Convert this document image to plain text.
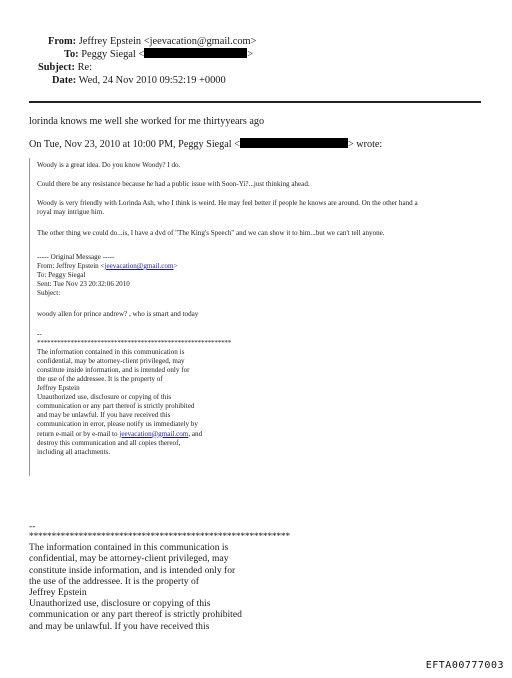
From: Jeffrey Epstein <jeevacation@gmail.com>
To: Peggy Siegal <	>
Subject: Re:
Date: Wed, 24 Nov 2010 09:52:19 +0000
lorinda knows me well she worked for me thirtyyears ago
On Tue, Nov 23, 2010 at 10:00 PM, Peggy Siegal <	> wrote:
Woody is a great idea. Do you know Woody? I do.
Could there be any resistance because he had a public issue with Soon-Yi?...just thinking ahead.
Woody is very friendly with Lorinda Ash, who I think is weird. He may feel better if people he knows are around. On the other hand a
royal may intrigue him.
The other thing we could do...is, I have a dvd of "The King's Speech" and we can show it to him...but we can't tell anyone.
----- Original Message -----
From: Jeffrey Epstein <jeevacation@gmail.com>
To: Peggy Siegal
Sent: Tue Nov 23 20:32:06 2010
Subject:
woody allen for prince andrew? , who is smart and today
--
**********************************************************
The information contained in this communication is
confidential, may be attorney-client privileged, may
constitute inside information, and is intended only for
the use of the addressee. It is the property of
Jeffrey Epstein
Unauthorized use, disclosure or copying of this
communication or any part thereof is strictly prohibited
and may be unlawful. If you have received this
communication in error, please notify us immediately by
return e-mail or by e-mail to jeevacation@gmail.com, and
destroy this communication and all copies thereof,
including all attachments.
--
**********************************************************
The information contained in this communication is
confidential, may be attorney-client privileged, may
constitute inside information, and is intended only for
the use of the addressee. It is the property of
Jeffrey Epstein
Unauthorized use, disclosure or copying of this
communication or any part thereof is strictly prohibited
and may be unlawful. If you have received this
EFTA00777003
